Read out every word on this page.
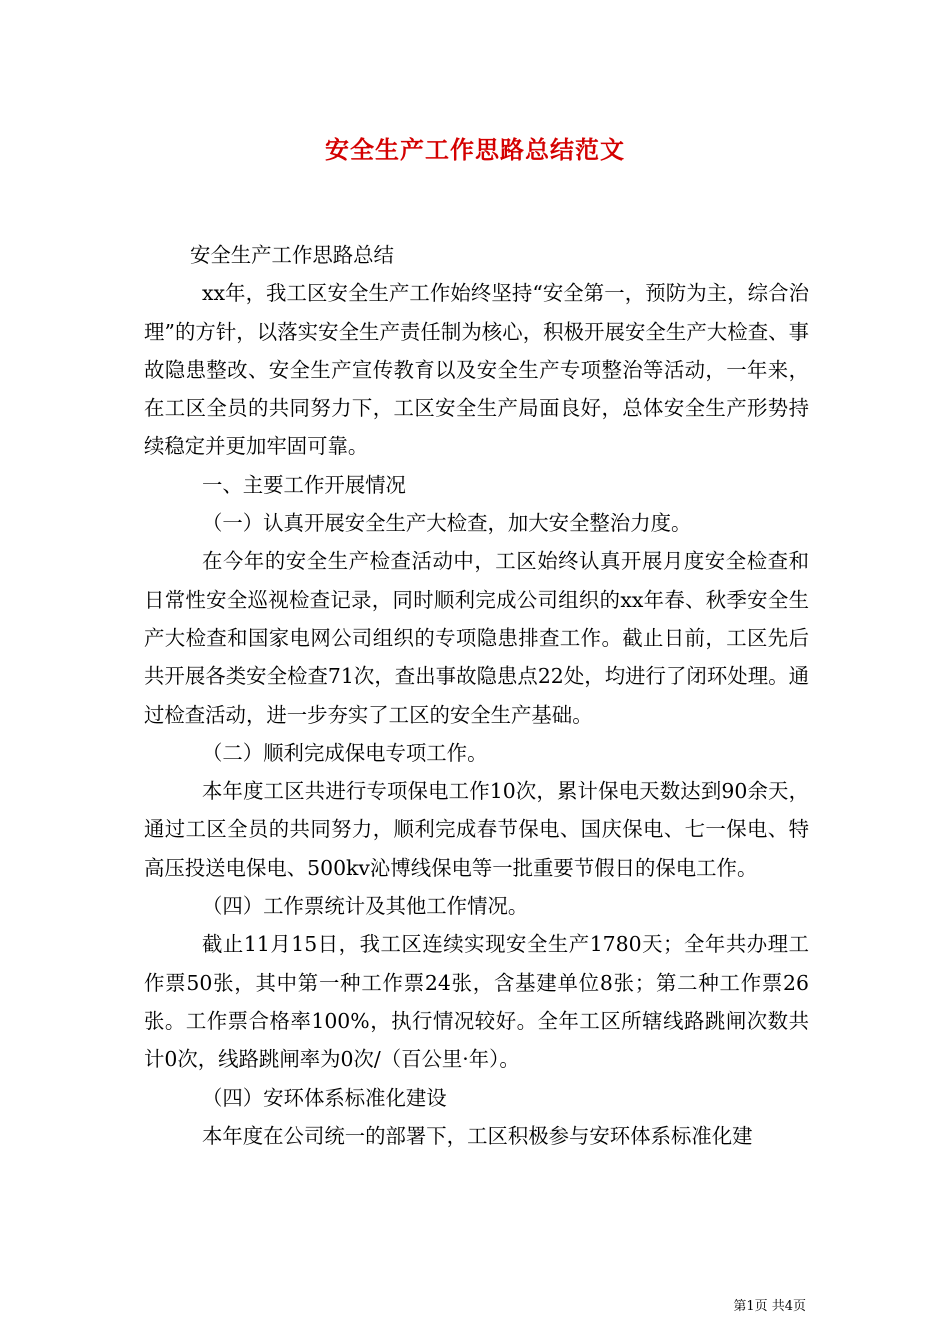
安全生产工作思路总结范文

安全生产工作思路总结

xx年，我工区安全生产工作始终坚持“安全第一，预防为主，综合治理”的方针，以落实安全生产责任制为核心，积极开展安全生产大检查、事故隐患整改、安全生产宣传教育以及安全生产专项整治等活动，一年来，在工区全员的共同努力下，工区安全生产局面良好，总体安全生产形势持续稳定并更加牢固可靠。

一、主要工作开展情况

（一）认真开展安全生产大检查，加大安全整治力度。

在今年的安全生产检查活动中，工区始终认真开展月度安全检查和日常性安全巡视检查记录，同时顺利完成公司组织的xx年春、秋季安全生产大检查和国家电网公司组织的专项隐患排查工作。截止日前，工区先后共开展各类安全检查71次，查出事故隐患点22处，均进行了闭环处理。通过检查活动，进一步夯实了工区的安全生产基础。

（二）顺利完成保电专项工作。

本年度工区共进行专项保电工作10次，累计保电天数达到90余天，通过工区全员的共同努力，顺利完成春节保电、国庆保电、七一保电、特高压投送电保电、500kv沁博线保电等一批重要节假日的保电工作。

（四）工作票统计及其他工作情况。

截止11月15日，我工区连续实现安全生产1780天；全年共办理工作票50张，其中第一种工作票24张，含基建单位8张；第二种工作票26张。工作票合格率100%，执行情况较好。全年工区所辖线路跳闸次数共计0次，线路跳闸率为0次/（百公里·年）。

（四）安环体系标准化建设

本年度在公司统一的部署下，工区积极参与安环体系标准化建

第1页 共4页
